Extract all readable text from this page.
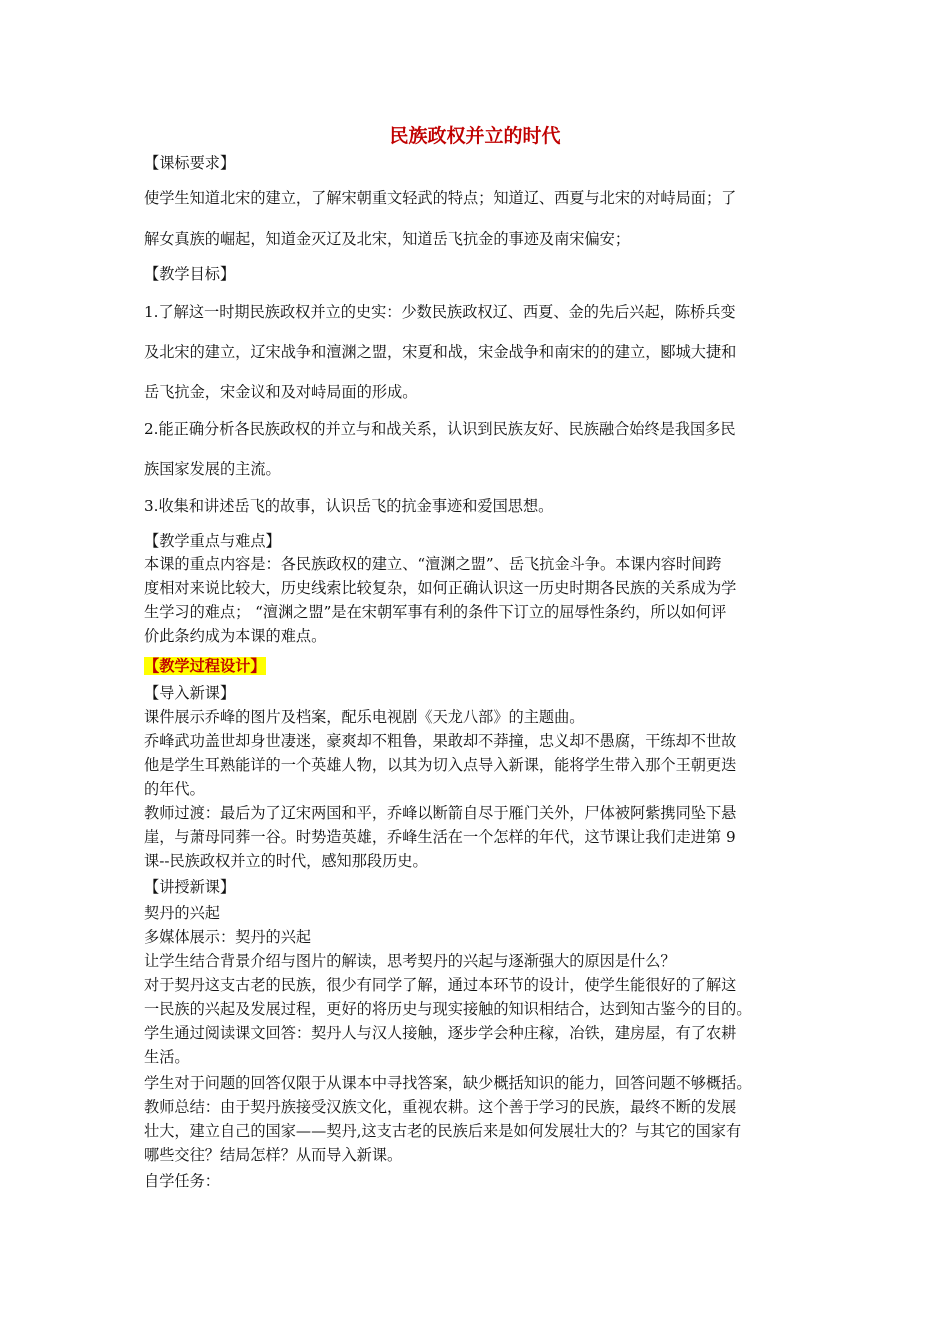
民族政权并立的时代
【课标要求】
使学生知道北宋的建立，了解宋朝重文轻武的特点；知道辽、西夏与北宋的对峙局面；了
解女真族的崛起，知道金灭辽及北宋，知道岳飞抗金的事迹及南宋偏安；
【教学目标】
1.了解这一时期民族政权并立的史实：少数民族政权辽、西夏、金的先后兴起，陈桥兵变
及北宋的建立，辽宋战争和澶渊之盟，宋夏和战，宋金战争和南宋的的建立，郾城大捷和
岳飞抗金，宋金议和及对峙局面的形成。
2.能正确分析各民族政权的并立与和战关系，认识到民族友好、民族融合始终是我国多民
族国家发展的主流。
3.收集和讲述岳飞的故事，认识岳飞的抗金事迹和爱国思想。
【教学重点与难点】
本课的重点内容是：各民族政权的建立、“澶渊之盟”、岳飞抗金斗争。本课内容时间跨
度相对来说比较大，历史线索比较复杂，如何正确认识这一历史时期各民族的关系成为学
生学习的难点； “澶渊之盟”是在宋朝军事有利的条件下订立的屈辱性条约，所以如何评
价此条约成为本课的难点。
【教学过程设计】
【导入新课】
课件展示乔峰的图片及档案，配乐电视剧《天龙八部》的主题曲。
乔峰武功盖世却身世凄迷，豪爽却不粗鲁，果敢却不莽撞，忠义却不愚腐，干练却不世故
他是学生耳熟能详的一个英雄人物，以其为切入点导入新课，能将学生带入那个王朝更迭
的年代。
教师过渡：最后为了辽宋两国和平，乔峰以断箭自尽于雁门关外，尸体被阿紫携同坠下悬
崖，与萧母同葬一谷。时势造英雄，乔峰生活在一个怎样的年代，这节课让我们走进第 9
课--民族政权并立的时代，感知那段历史。
【讲授新课】
契丹的兴起
多媒体展示：契丹的兴起
让学生结合背景介绍与图片的解读，思考契丹的兴起与逐渐强大的原因是什么？
对于契丹这支古老的民族，很少有同学了解，通过本环节的设计，使学生能很好的了解这
一民族的兴起及发展过程，更好的将历史与现实接触的知识相结合，达到知古鉴今的目的。
学生通过阅读课文回答：契丹人与汉人接触，逐步学会种庄稼，冶铁，建房屋，有了农耕
生活。
学生对于问题的回答仅限于从课本中寻找答案，缺少概括知识的能力，回答问题不够概括。
教师总结：由于契丹族接受汉族文化，重视农耕。这个善于学习的民族，最终不断的发展
壮大，建立自己的国家——契丹,这支古老的民族后来是如何发展壮大的？与其它的国家有
哪些交往？结局怎样？从而导入新课。
自学任务：
